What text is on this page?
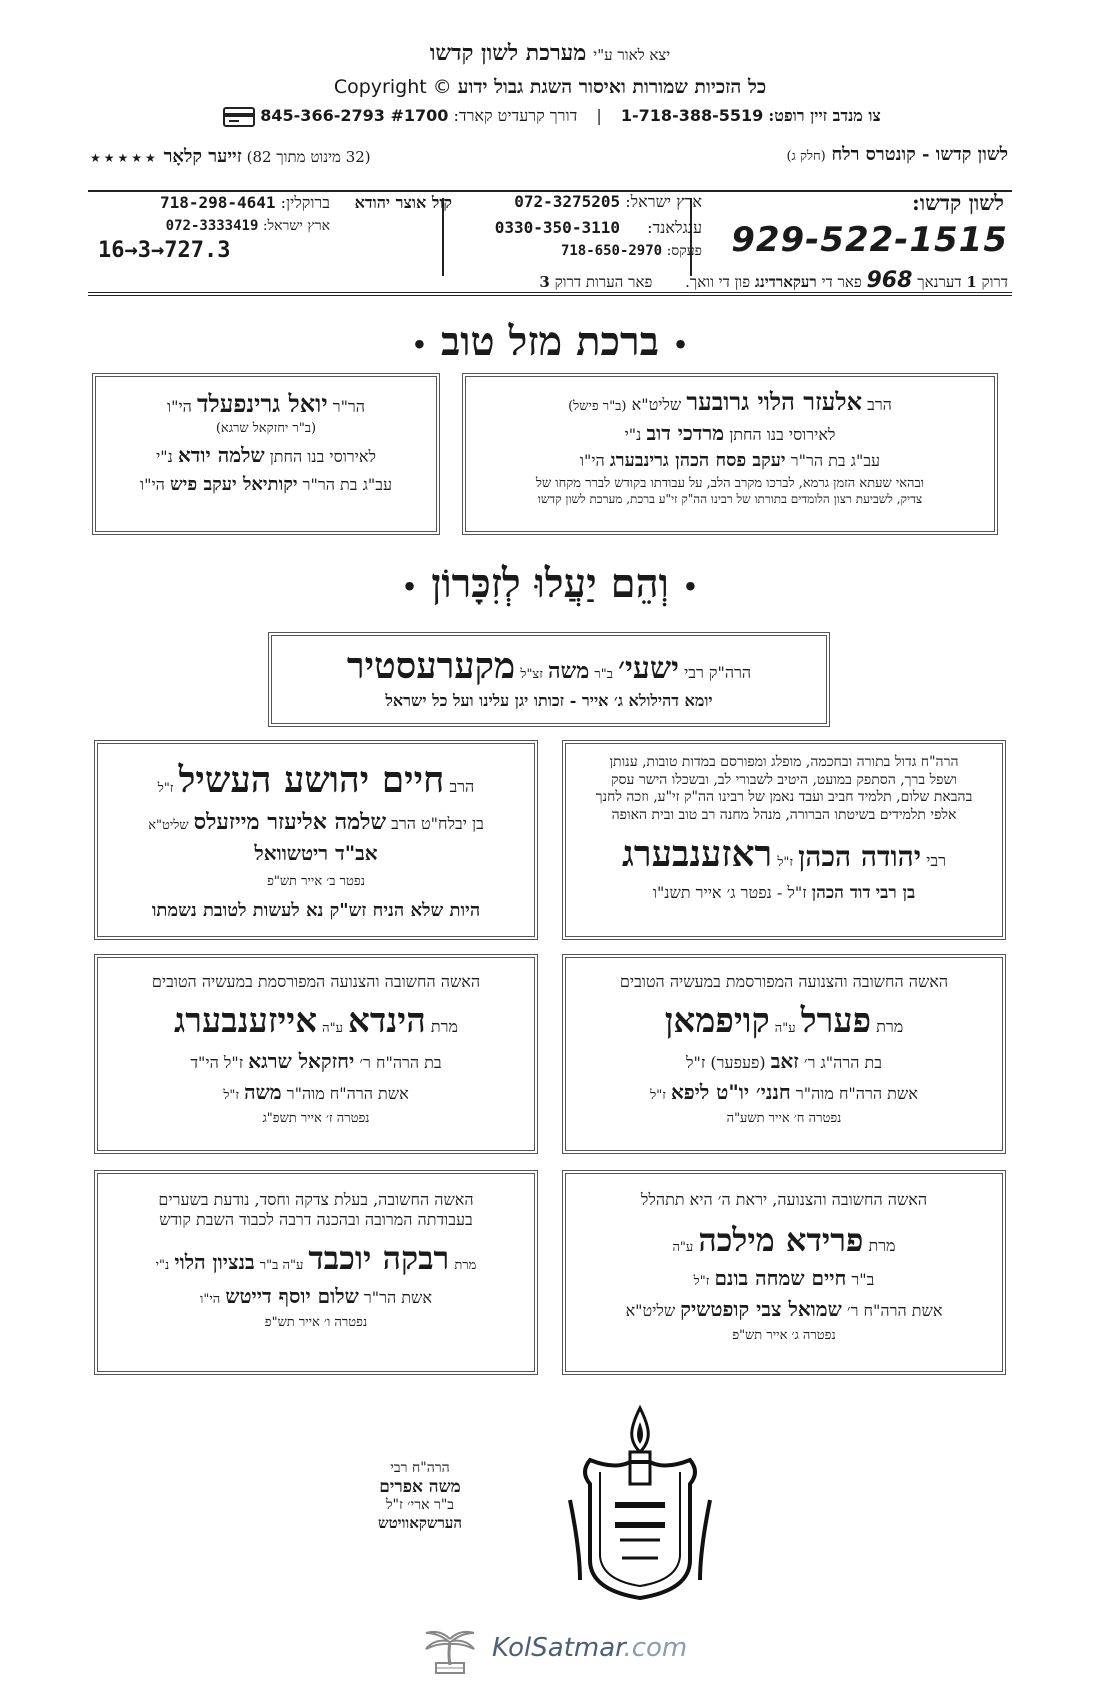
יצא לאור ע"י מערכת לשון קדשו
כל הזכיות שמורות ואיסור השגת גבול ידוע Copyright ©
צו מנדב זיין רופט: 1-718-388-5519 | דורך קרעדיט קארד: 845-366-2793 #1700
לשון קדשו - קונטרס רלח (חלק ג)
(32 מינוט מתוך 82) זייער קלאָר ★★★★★
לשון קדשו:
929-522-1515
ארץ ישראל: 072-3275205
ענגלאנד: 0330-350-3110
פעקס: 718-650-2970
קול אוצר יהודא
ברוקלין: 718-298-4641
ארץ ישראל: 072-3333419
16→3→727.3
דרוק 1 דערנאך 968 פאר די רעקארדינג פון די וואך. פאר הערות דרוק 3
• ברכת מזל טוב •
הרב אלעזר הלוי גרובער שליט"א (ב"ר פישל)
לאירוסי בנו החתן מרדכי דוב נ"י
עב"ג בת הר"ר יעקב פסח הכהן גרינבערג הי"ו
ובהאי שעתא הזמן גרמא, לברכו מקרב הלב, על עבודתו בקודש לברר מקחו של
צדיק, לשביעת רצון הלומדים בתורתו של רבינו הה"ק זי"ע ברכת, מערכת לשון קדשו
הר"ר יואל גרינפעלד הי"ו
(ב"ר יחזקאל שרגא)
לאירוסי בנו החתן שלמה יודא נ"י
עב"ג בת הר"ר יקותיאל יעקב פיש הי"ו
• וְהֵם יַעֲלוּ לְזִכָּרוֹן •
הרה"ק רבי ישעי׳ ב"ר משה זצ"ל מקערעסטיר
יומא דהילולא ג׳ אייר - זכותו יגן עלינו ועל כל ישראל
הרה"ח גדול בתורה ובחכמה, מופלג ומפורסם במדות טובות, ענותן
ושפל ברך, הסתפק במועט, היטיב לשבורי לב, ובשכלו הישר עסק
בהבאת שלום, תלמיד חביב ועבד נאמן של רבינו הה"ק זי"ע, וזכה לחנך
אלפי תלמידים בשיטתו הברורה, מנהל מחנה רב טוב ובית האופה
רבי יהודה הכהן ז"ל ראזענבערג
בן רבי דוד הכהן ז"ל - נפטר ג׳ אייר תשנ"ו
הרב חיים יהושע העשיל ז"ל
בן יבלח"ט הרב שלמה אליעזר מייזעלס שליט"א
אב"ד ריטשוואל
נפטר ב׳ אייר תש"פ
היות שלא הניח זש"ק נא לעשות לטובת נשמתו
האשה החשובה והצנועה המפורסמת במעשיה הטובים
מרת פערל ע"ה קויפמאן
בת הרה"ג ר׳ זאב (פעפער) ז"ל
אשת הרה"ח מוה"ר חנני׳ יו"ט ליפא ז"ל
נפטרה ח׳ אייר תשע"ה
האשה החשובה והצנועה המפורסמת במעשיה הטובים
מרת הינדא ע"ה אייזענבערג
בת הרה"ח ר׳ יחזקאל שרגא ז"ל הי"ד
אשת הרה"ח מוה"ר משה ז"ל
נפטרה ז׳ אייר תשפ"ג
האשה החשובה והצנועה, יראת ה׳ היא תתהלל
מרת פרידא מילכה ע"ה
ב"ר חיים שמחה בונם ז"ל
אשת הרה"ח ר׳ שמואל צבי קופטשיק שליט"א
נפטרה ג׳ אייר תש"פ
האשה החשובה, בעלת צדקה וחסד, נודעת בשערים
בעבודתה המרובה ובהכנה דרבה לכבוד השבת קודש
מרת רבקה יוכבד ע"ה ב"ר בנציון הלוי נ"י
אשת הר"ר שלום יוסף דייטש הי"ו
נפטרה ו׳ אייר תש"פ
הרה"ח רבי
משה אפרים
ב"ר ארי׳ ז"ל
הערשקאוויטש
KolSatmar.com
